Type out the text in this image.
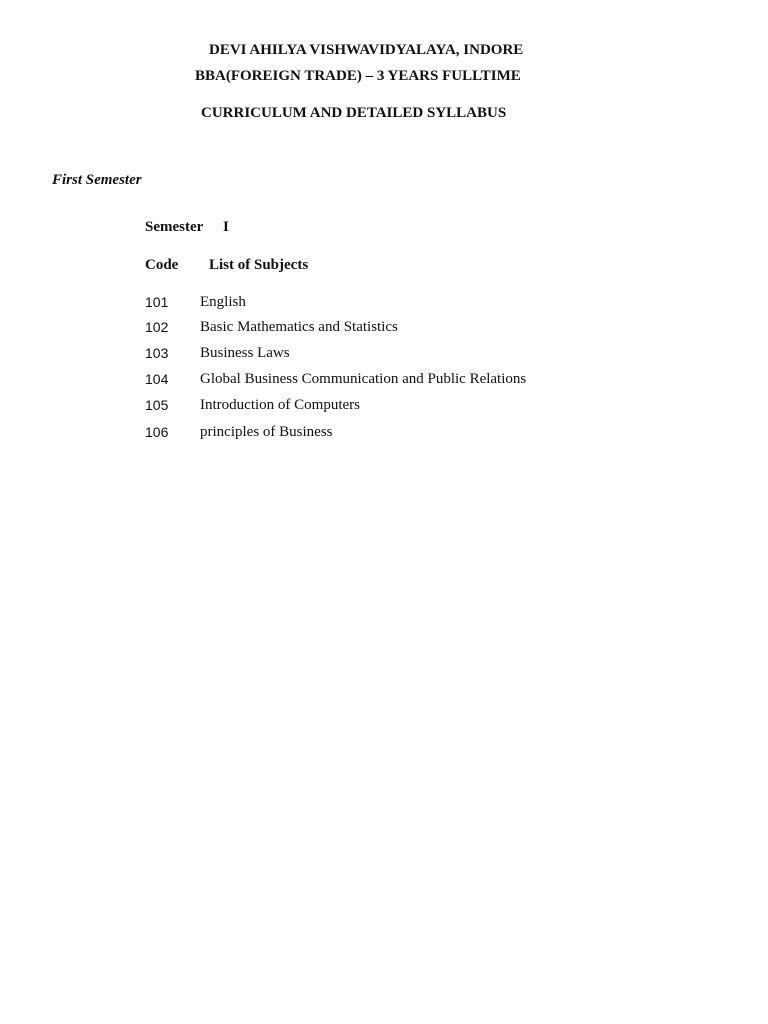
DEVI AHILYA VISHWAVIDYALAYA, INDORE
BBA(FOREIGN TRADE) – 3 YEARS FULLTIME
CURRICULUM AND DETAILED SYLLABUS
First Semester
Semester I
Code List of Subjects
101 English
102 Basic Mathematics and Statistics
103 Business Laws
104 Global Business Communication and Public Relations
105 Introduction of Computers
106 principles of Business
